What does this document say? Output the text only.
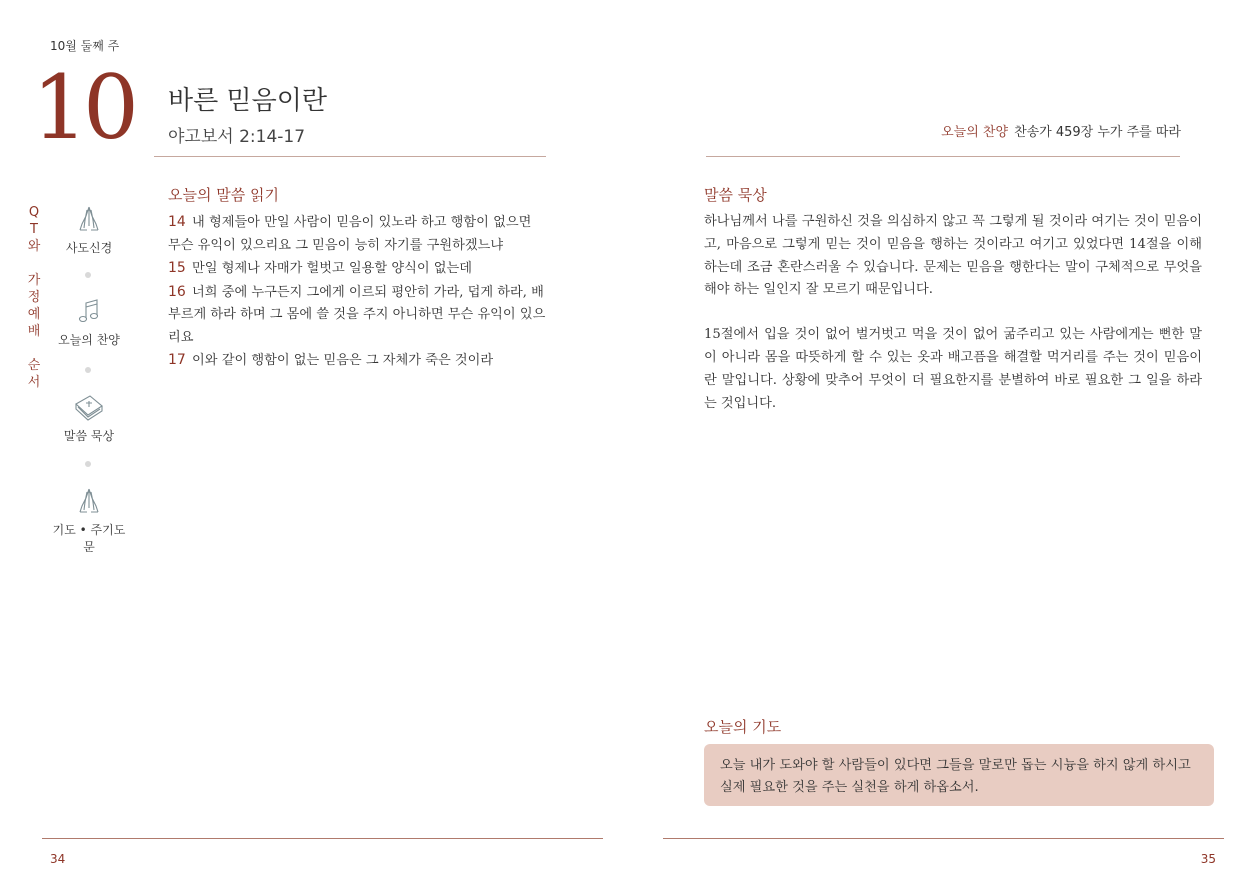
10월 둘째 주
10 바른 믿음이란
야고보서 2:14-17
Q
T
와

가
정
예
배

순
서
사도신경
오늘의 찬양
말씀 묵상
기도 • 주기도문
오늘의 말씀 읽기

14 내 형제들아 만일 사람이 믿음이 있노라 하고 행함이 없으면 무슨 유익이 있으리요 그 믿음이 능히 자기를 구원하겠느냐

15 만일 형제나 자매가 헐벗고 일용할 양식이 없는데

16 너희 중에 누구든지 그에게 이르되 평안히 가라, 덥게 하라, 배부르게 하라 하며 그 몸에 쓸 것을 주지 아니하면 무슨 유익이 있으리요

17 이와 같이 행함이 없는 믿음은 그 자체가 죽은 것이라

34
오늘의 찬양 찬송가 459장 누가 주를 따라
말씀 묵상

하나님께서 나를 구원하신 것을 의심하지 않고 꼭 그렇게 될 것이라 여기는 것이 믿음이고, 마음으로 그렇게 믿는 것이 믿음을 행하는 것이라고 여기고 있었다면 14절을 이해하는데 조금 혼란스러울 수 있습니다. 문제는 믿음을 행한다는 말이 구체적으로 무엇을 해야 하는 일인지 잘 모르기 때문입니다.

15절에서 입을 것이 없어 벌거벗고 먹을 것이 없어 굶주리고 있는 사람에게는 뻔한 말이 아니라 몸을 따뜻하게 할 수 있는 옷과 배고픔을 해결할 먹거리를 주는 것이 믿음이란 말입니다. 상황에 맞추어 무엇이 더 필요한지를 분별하여 바로 필요한 그 일을 하라는 것입니다.

오늘의 기도
오늘 내가 도와야 할 사람들이 있다면 그들을 말로만 돕는 시늉을 하지 않게 하시고 실제 필요한 것을 주는 실천을 하게 하옵소서.
35
